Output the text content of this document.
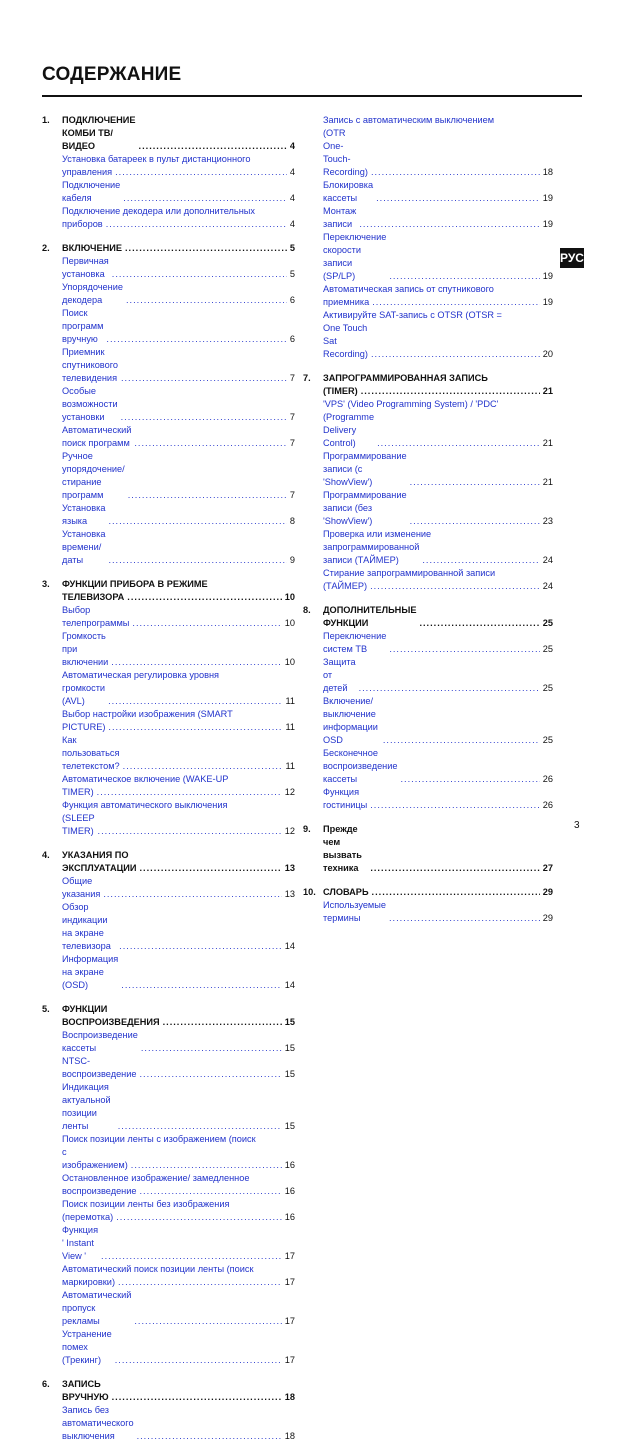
СОДЕРЖАНИЕ
1. ПОДКЛЮЧЕНИЕ КОМБИ ТВ/ВИДЕО .....	4
Установка батареек в пульт дистанционного
управления .....	4
Подключение кабеля .....	4
Подключение декодера или дополнительных
приборов .....	4
2. ВКЛЮЧЕНИЕ .....	5
Первичная установка .....	5
Упорядочение декодера .....	6
Поиск программ вручную .....	6
Приемник спутникового телевидения .....	7
Особые возможности установки .....	7
Автоматический поиск программ .....	7
Ручное упорядочение/ стирание программ .....	7
Установка языка .....	8
Установка времени/ даты .....	9
3. ФУНКЦИИ ПРИБОРА В РЕЖИМЕ
ТЕЛЕВИЗОРА .....	10
Выбор телепрограммы .....	10
Громкость при включении .....	10
Автоматическая регулировка уровня
громкости (AVL) .....	11
Выбор настройки изображения (SMART
PICTURE) .....	11
Как пользоваться телетекстом? .....	11
Автоматическое включение (WAKE-UP
TIMER) .....	12
Функция автоматического выключения
(SLEEP TIMER) .....	12
4. УКАЗАНИЯ ПО ЭКСПЛУАТАЦИИ .....	13
Общие указания .....	13
Обзор индикации на экране телевизора .....	14
Информация на экране (OSD) .....	14
5. ФУНКЦИИ ВОСПРОИЗВЕДЕНИЯ .....	15
Воспроизведение кассеты .....	15
NTSC-воспроизведение .....	15
Индикация актуальной позиции ленты .....	15
Поиск позиции ленты с изображением (поиск
с изображением) .....	16
Остановленное изображение/ замедленное
воспроизведение .....	16
Поиск позиции ленты без изображения
(перемотка) .....	16
Функция ' Instant View ' .....	17
Автоматический поиск позиции ленты (поиск
маркировки) .....	17
Автоматический пропуск рекламы .....	17
Устранение помех (Трекинг) .....	17
6. ЗАПИСЬ ВРУЧНУЮ .....	18
Запись без автоматического выключения .....	18
Запись с автоматическим выключением
(OTR One-Touch-Recording) .....	18
Блокировка кассеты .....	19
Монтаж записи .....	19
Переключение скорости записи (SP/LP) .....	19
Автоматическая запись от спутникового
приемника .....	19
Активируйте SAT-запись с OTSR (OTSR =
One Touch Sat Recording) .....	20
7. ЗАПРОГРАММИРОВАННАЯ ЗАПИСЬ
(TIMER) .....	21
'VPS' (Video Programming System) / 'PDC'
(Programme Delivery Control) .....	21
Программирование записи (с 'ShowView') .....	21
Программирование записи (без 'ShowView') .....	23
Проверка или изменение
запрограммированной записи (ТАЙМЕР) .....	24
Стирание запрограммированной записи
(ТАЙМЕР) .....	24
8. ДОПОЛНИТЕЛЬНЫЕ ФУНКЦИИ .....	25
Переключение систем ТВ .....	25
Защита от детей .....	25
Включение/ выключение информации OSD .....	25
Бесконечное воспроизведение кассеты .....	26
Функция гостиницы .....	26
9. Прежде чем вызвать техника .....	27
10. СЛОВАРЬ .....	29
Используемые термины .....	29
РУС
3
